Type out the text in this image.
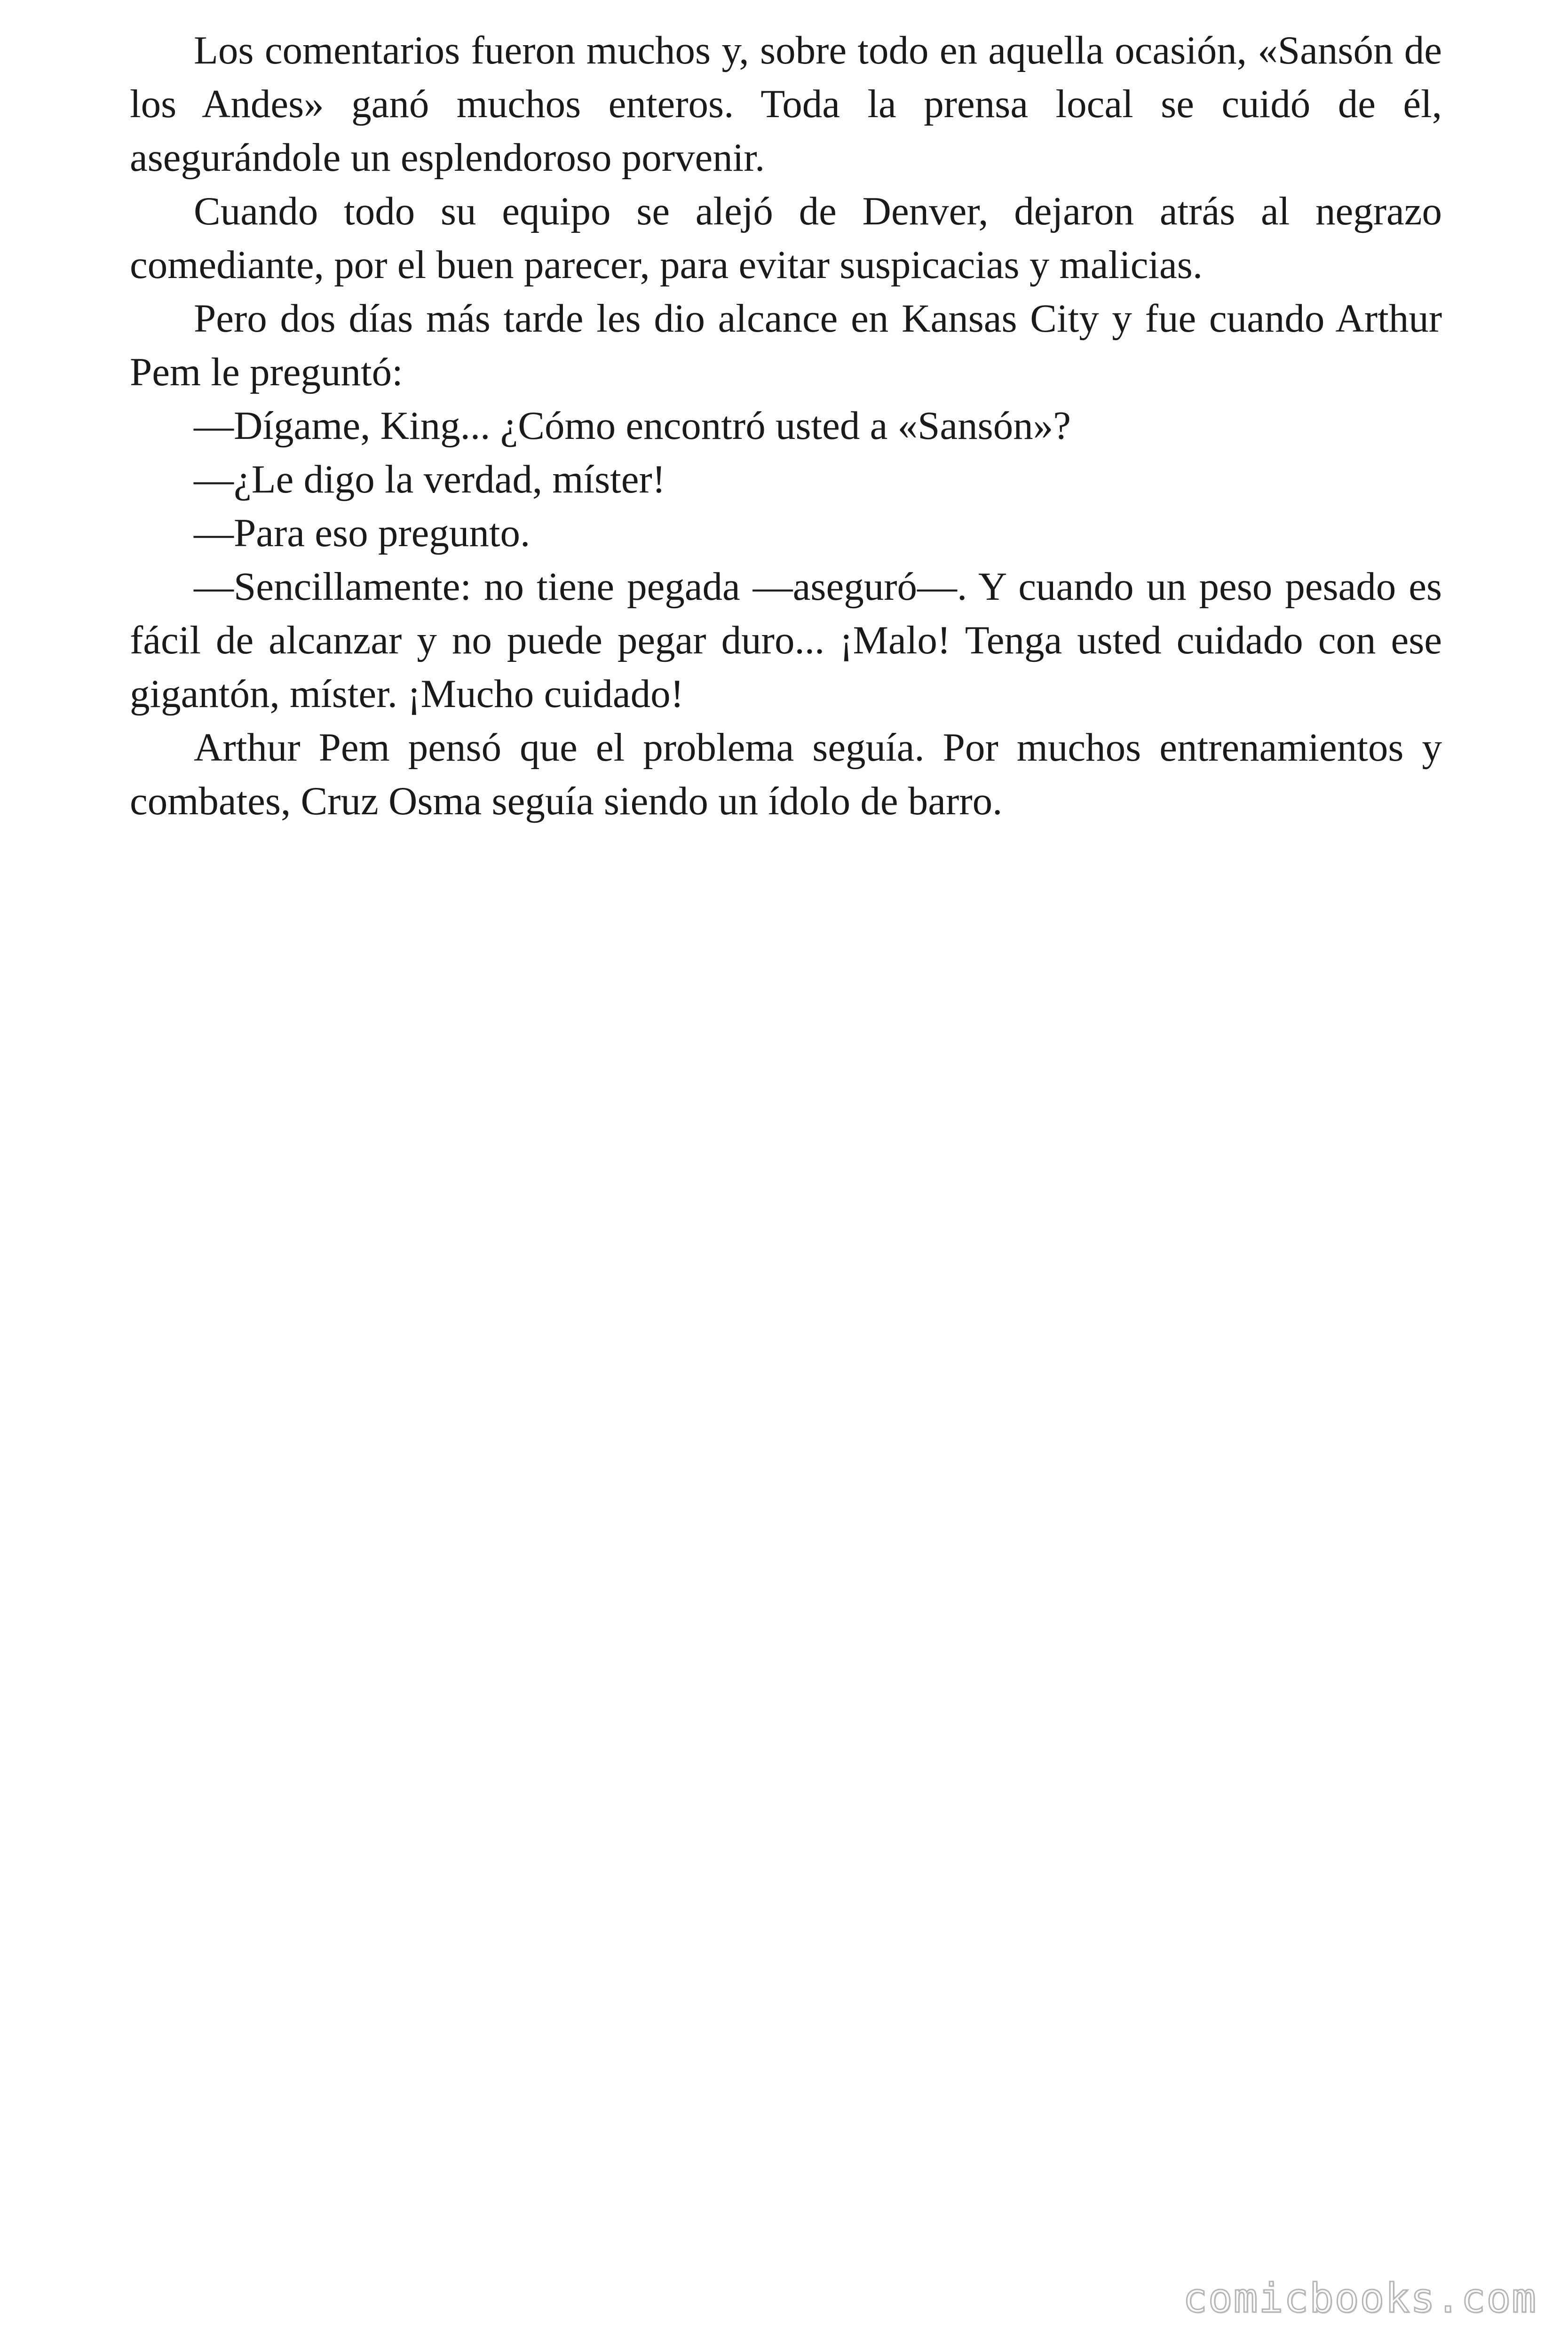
Los comentarios fueron muchos y, sobre todo en aquella ocasión, «Sansón de los Andes» ganó muchos enteros. Toda la prensa local se cuidó de él, asegurándole un esplendoroso porvenir.

Cuando todo su equipo se alejó de Denver, dejaron atrás al negrazo comediante, por el buen parecer, para evitar suspicacias y malicias.

Pero dos días más tarde les dio alcance en Kansas City y fue cuando Arthur Pem le preguntó:

—Dígame, King... ¿Cómo encontró usted a «Sansón»?

—¿Le digo la verdad, míster!

—Para eso pregunto.

—Sencillamente: no tiene pegada —aseguró—. Y cuando un peso pesado es fácil de alcanzar y no puede pegar duro... ¡Malo! Tenga usted cuidado con ese gigantón, míster. ¡Mucho cuidado!

Arthur Pem pensó que el problema seguía. Por muchos entrenamientos y combates, Cruz Osma seguía siendo un ídolo de barro.

comicbooks.com
